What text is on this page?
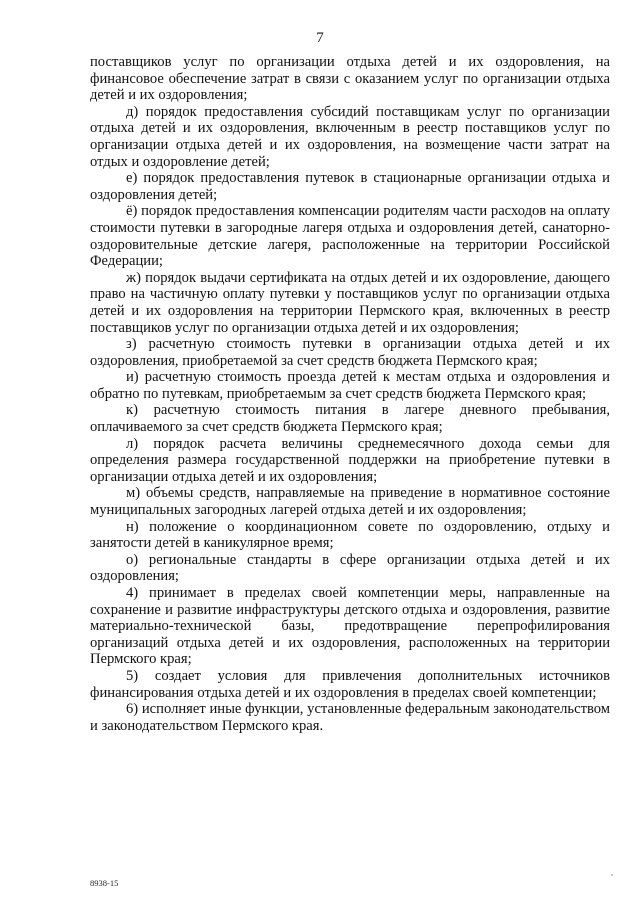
7

поставщиков услуг по организации отдыха детей и их оздоровления, на финансовое обеспечение затрат в связи с оказанием услуг по организации отдыха детей и их оздоровления;

д) порядок предоставления субсидий поставщикам услуг по организации отдыха детей и их оздоровления, включенным в реестр поставщиков услуг по организации отдыха детей и их оздоровления, на возмещение части затрат на отдых и оздоровление детей;

е) порядок предоставления путевок в стационарные организации отдыха и оздоровления детей;

ё) порядок предоставления компенсации родителям части расходов на оплату стоимости путевки в загородные лагеря отдыха и оздоровления детей, санаторно-оздоровительные детские лагеря, расположенные на территории Российской Федерации;

ж) порядок выдачи сертификата на отдых детей и их оздоровление, дающего право на частичную оплату путевки у поставщиков услуг по организации отдыха детей и их оздоровления на территории Пермского края, включенных в реестр поставщиков услуг по организации отдыха детей и их оздоровления;

з) расчетную стоимость путевки в организации отдыха детей и их оздоровления, приобретаемой за счет средств бюджета Пермского края;

и) расчетную стоимость проезда детей к местам отдыха и оздоровления и обратно по путевкам, приобретаемым за счет средств бюджета Пермского края;

к) расчетную стоимость питания в лагере дневного пребывания, оплачиваемого за счет средств бюджета Пермского края;

л) порядок расчета величины среднемесячного дохода семьи для определения размера государственной поддержки на приобретение путевки в организации отдыха детей и их оздоровления;

м) объемы средств, направляемые на приведение в нормативное состояние муниципальных загородных лагерей отдыха детей и их оздоровления;

н) положение о координационном совете по оздоровлению, отдыху и занятости детей в каникулярное время;

о) региональные стандарты в сфере организации отдыха детей и их оздоровления;

4) принимает в пределах своей компетенции меры, направленные на сохранение и развитие инфраструктуры детского отдыха и оздоровления, развитие материально-технической базы, предотвращение перепрофилирования организаций отдыха детей и их оздоровления, расположенных на территории Пермского края;

5) создает условия для привлечения дополнительных источников финансирования отдыха детей и их оздоровления в пределах своей компетенции;

6) исполняет иные функции, установленные федеральным законодательством и законодательством Пермского края.

8938-15
